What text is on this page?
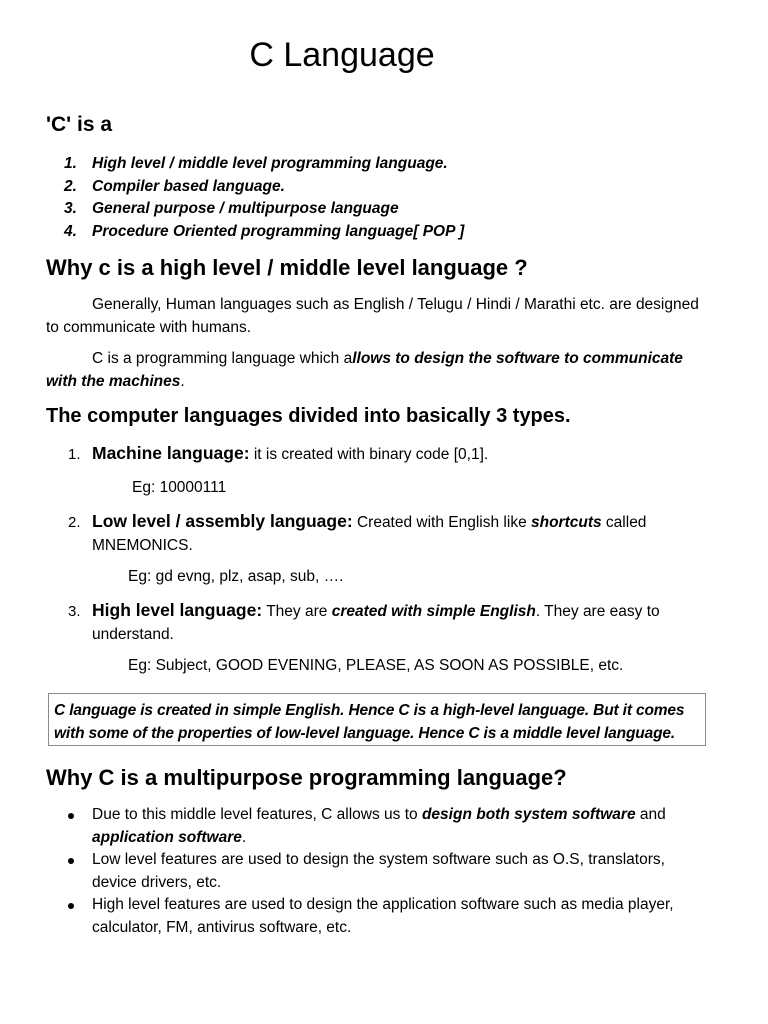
C Language
'C' is a
1. High level / middle level programming language.
2. Compiler based language.
3. General purpose / multipurpose language
4. Procedure Oriented programming language[ POP ]
Why c is a high level / middle level language ?

Generally, Human languages such as English / Telugu / Hindi / Marathi etc. are designed to communicate with humans.

C is a programming language which allows to design the software to communicate with the machines.

The computer languages divided into basically 3 types.
1. Machine language: it is created with binary code [0,1].
Eg: 10000111
2. Low level / assembly language: Created with English like shortcuts called MNEMONICS.
Eg: gd evng, plz, asap, sub, ….
3. High level language: They are created with simple English. They are easy to understand.
Eg: Subject, GOOD EVENING, PLEASE, AS SOON AS POSSIBLE, etc.
C language is created in simple English. Hence C is a high-level language. But it comes
with some of the properties of low-level language. Hence C is a middle level language.
Why C is a multipurpose programming language?
Due to this middle level features, C allows us to design both system software and application software.
Low level features are used to design the system software such as O.S, translators, device drivers, etc.
High level features are used to design the application software such as media player, calculator, FM, antivirus software, etc.
